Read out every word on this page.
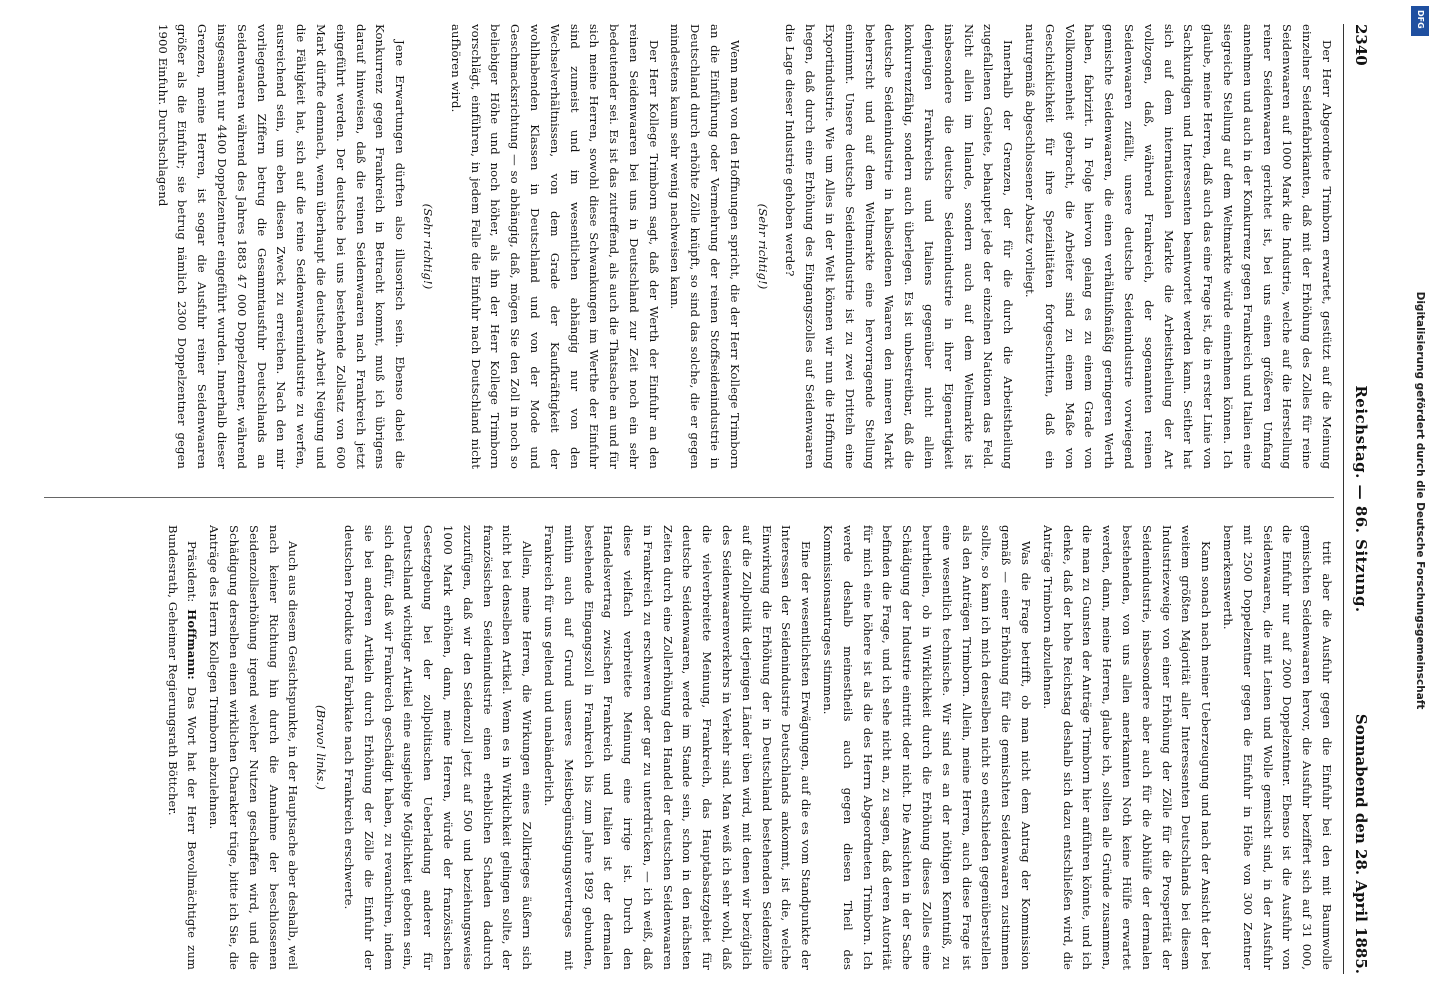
2340
Reichstag. — 86. Sitzung.
Sonnabend den 28. April 1885.

Der Herr Abgeordnete Trimborn erwartet, gestützt auf die Meinung einzelner Seidenfabrikanten, daß mit der Erhöhung des Zolles für reine Seidenwaaren auf 1000 Mark die Industrie, welche auf die Herstellung reiner Seidenwaaren gerichtet ist, bei uns einen größeren Umfang annehmen und auch in der Konkurrenz gegen Frankreich und Italien eine siegreiche Stellung auf dem Weltmarkte würde einnehmen können. Ich glaube, meine Herren, daß auch das eine Frage ist, die in erster Linie von Sachkundigen und Interessenten beantwortet werden kann. Seither hat sich auf dem internationalen Markte die Arbeitstheilung der Art vollzogen, daß, während Frankreich, der sogenannten reinen Seidenwaaren zufällt, unsere deutsche Seidenindustrie vorwiegend gemischte Seidenwaaren, die einen verhältnißmäßig geringeren Werth haben, fabrizirt. In Folge hiervon gelang es zu einem Grade von Vollkommenheit gebracht, die Arbeiter sind zu einem Maße von Geschicklichkeit für ihre Spezialitäten fortgeschritten, daß ein naturgemäß abgeschlossener Absatz vorliegt.

Innerhalb der Grenzen, der für die durch die Arbeitstheilung zugefallenen Gebiete, behauptet jede der einzelnen Nationen das Feld. Nicht allein im Inlande, sondern auch auf dem Weltmarkte ist insbesondere die deutsche Seidenindustrie in ihrer Eigenartigkeit denjenigen Frankreichs und Italiens gegenüber nicht allein konkurrenzfähig, sondern auch überlegen. Es ist unbestreitbar, daß die deutsche Seidenindustrie in halbseidenen Waaren den inneren Markt beherrscht und auf dem Weltmarkte eine hervorragende Stellung einnimmt. Unsere deutsche Seidenindustrie ist zu zwei Dritteln eine Exportindustrie. Wie um Alles in der Welt können wir nun die Hoffnung hegen, daß durch eine Erhöhung des Eingangszolles auf Seidenwaaren die Lage dieser Industrie gehoben werde?

(Sehr richtig!)

Wenn man von den Hoffnungen spricht, die der Herr Kollege Trimborn an die Einführung oder Vermehrung der reinen Stoffseidenindustrie in Deutschland durch erhöhte Zölle knüpft, so sind das solche, die er gegen mindestens kaum sehr wenig nachweisen kann.

Der Herr Kollege Trimborn sagt, daß der Werth der Einfuhr an den reinen Seidenwaaren bei uns in Deutschland zur Zeit noch ein sehr bedeutender sei. Es ist das zutreffend, als auch die Thatsache an und für sich meine Herren, sowohl diese Schwankungen im Werthe der Einfuhr sind zumeist und im wesentlichen abhängig nur von den Wechselverhältnissen, von dem Grade der Kaufkräftigkeit der wohlhabenden Klassen in Deutschland und von der Mode und Geschmacksrichtung — so abhängig, daß, mögen Sie den Zoll in noch so beliebiger Höhe und noch höher, als ihn der Herr Kollege Trimborn vorschlägt, einführen, in jedem Falle die Einfuhr nach Deutschland nicht aufhören wird.

(Sehr richtig!)

Jene Erwartungen dürften also illusorisch sein. Ebenso dabei die Konkurrenz gegen Frankreich in Betracht kommt, muß ich übrigens darauf hinweisen, daß die reinen Seidenwaaren nach Frankreich jetzt eingeführt werden. Der deutsche bei uns bestehende Zollsatz von 600 Mark dürfte demnach, wenn überhaupt die deutsche Arbeit Neigung und die Fähigkeit hat, sich auf die reine Seidenwaarenindustrie zu werfen, ausreichend sein, um eben diesen Zweck zu erreichen. Nach den mir vorliegenden Ziffern betrug die Gesammtausfuhr Deutschlands an Seidenwaaren während des Jahres 1883 47 000 Doppelzentner, während insgesammt nur 4400 Doppelzentner eingeführt wurden. Innerhalb dieser Grenzen, meine Herren, ist sogar die Ausfuhr reiner Seidenwaaren größer als die Einfuhr; sie betrug nämlich 2300 Doppelzentner gegen 1900 Einfuhr. Durchschlagend

tritt aber die Ausfuhr gegen die Einfuhr bei den mit Baumwolle gemischten Seidenwaaren hervor, die Ausfuhr beziffert sich auf 31 000, die Einfuhr nur auf 2000 Doppelzentner. Ebenso ist die Ausfuhr von Seidenwaaren, die mit Leinen und Wolle gemischt sind, in der Ausfuhr mit 2500 Doppelzentner gegen die Einfuhr in Höhe von 300 Zentner bemerkenswerth.

Kann sonach nach meiner Ueberzeugung und nach der Ansicht der bei weitem größten Majorität aller Interessenten Deutschlands bei diesem Industriezweige von einer Erhöhung der Zölle für die Prosperität der Seidenindustrie, insbesondere aber auch für die Abhülfe der dermalen bestehenden, von uns allen anerkannten Noth keine Hülfe erwartet werden, dann, meine Herren, glaube ich, sollten alle Gründe zusammen, die man zu Gunsten der Anträge Trimborn hier anführen könnte, und ich denke, daß der hohe Reichstag deshalb sich dazu entschließen wird, die Anträge Trimborn abzulehnen.

Was die Frage betrifft, ob man nicht dem Antrag der Kommission gemäß — einer Erhöhung für die gemischten Seidenwaaren zustimmen sollte, so kann ich mich denselben nicht so entschieden gegenüberstellen als den Anträgen Trimborn. Allein, meine Herren, auch diese Frage ist eine wesentlich technische. Wir sind es an der nöthigen Kenntniß, zu beurtheilen, ob in Wirklichkeit durch die Erhöhung dieses Zolles eine Schädigung der Industrie eintritt oder nicht. Die Ansichten in der Sache befinden die Frage, und ich sehe nicht an, zu sagen, daß deren Autorität für mich eine höhere ist als die des Herrn Abgeordneten Trimborn. Ich werde deshalb meinestheils auch gegen diesen Theil des Kommissionsantrages stimmen.

Eine der wesentlichsten Erwägungen, auf die es vom Standpunkte der Interessen der Seidenindustrie Deutschlands ankommt, ist die, welche Einwirkung die Erhöhung der in Deutschland bestehenden Seidenzölle auf die Zollpolitik derjenigen Länder üben wird, mit denen wir bezüglich des Seidenwaarenverkehrs in Verkehr sind. Man weiß ich sehr wohl, daß die vielverbreitete Meinung, Frankreich, das Hauptabsatzgebiet für deutsche Seidenwaaren, werde im Stande sein, schon in den nächsten Zeiten durch eine Zollerhöhung den Handel der deutschen Seidenwaaren in Frankreich zu erschweren oder gar zu unterdrücken, — ich weiß, daß diese vielfach verbreitete Meinung eine irrige ist. Durch den Handelsvertrag zwischen Frankreich und Italien ist der dermalen bestehende Eingangszoll in Frankreich bis zum Jahre 1892 gebunden, mithin auch auf Grund unseres Meistbegünstigungsvertrages mit Frankreich für uns geltend und unabänderlich.

Allein, meine Herren, die Wirkungen eines Zollkrieges äußern sich nicht bei denselben Artikel. Wenn es in Wirklichkeit gelingen sollte, der französischen Seidenindustrie einen erheblichen Schaden dadurch zuzufügen, daß wir den Seidenzoll jetzt auf 500 und beziehungsweise 1000 Mark erhöhen, dann, meine Herren, würde der französischen Gesetzgebung bei der zollpolitischen Ueberladung anderer für Deutschland wichtiger Artikel eine ausgiebige Möglichkeit geboten sein, sich dafür, daß wir Frankreich geschädigt haben, zu revanchiren, indem sie bei anderen Artikeln durch Erhöhung der Zölle die Einfuhr der deutschen Produkte und Fabrikate nach Frankreich erschwerte.

(Bravo! links.)

Auch aus diesem Gesichtspunkte, in der Hauptsache aber deshalb, weil nach keiner Richtung hin durch die Annahme der beschlossenen Seidenzollserhöhung irgend welcher Nutzen geschaffen wird, und die Schädigung derselben einen wirklichen Charakter trüge, bitte ich Sie, die Anträge des Herrn Kollegen Trimborn abzulehnen.

Präsident: Hoffmann: Das Wort hat der Herr Bevollmächtigte zum Bundesrath, Geheimer Regierungsrath Böttcher.

DFG
Digitalisierung gefördert durch die Deutsche Forschungsgemeinschaft
